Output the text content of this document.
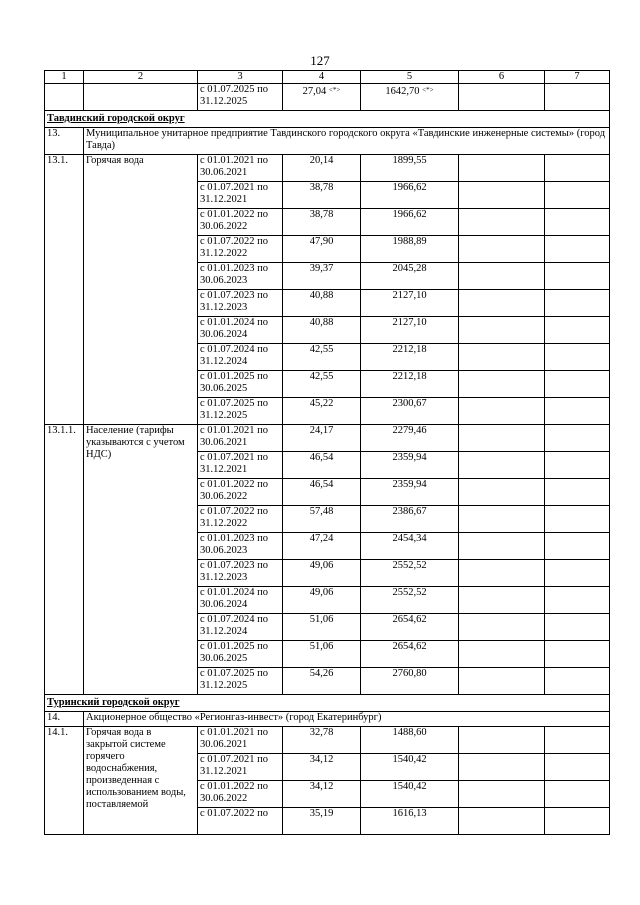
127
1	2	3	4	5	6	7
		с 01.07.2025 по 31.12.2025	27,04 <*>	1642,70 <*>		
Тавдинский городской округ						
13.	Муниципальное унитарное предприятие Тавдинского городского округа «Тавдинские инженерные системы» (город Тавда)					
13.1.	Горячая вода	с 01.01.2021 по 30.06.2021	20,14	1899,55		
		с 01.07.2021 по 31.12.2021	38,78	1966,62		
		с 01.01.2022 по 30.06.2022	38,78	1966,62		
		с 01.07.2022 по 31.12.2022	47,90	1988,89		
		с 01.01.2023 по 30.06.2023	39,37	2045,28		
		с 01.07.2023 по 31.12.2023	40,88	2127,10		
		с 01.01.2024 по 30.06.2024	40,88	2127,10		
		с 01.07.2024 по 31.12.2024	42,55	2212,18		
		с 01.01.2025 по 30.06.2025	42,55	2212,18		
		с 01.07.2025 по 31.12.2025	45,22	2300,67		
13.1.1.	Население (тарифы указываются с учетом НДС)	с 01.01.2021 по 30.06.2021	24,17	2279,46		
		с 01.07.2021 по 31.12.2021	46,54	2359,94		
		с 01.01.2022 по 30.06.2022	46,54	2359,94		
		с 01.07.2022 по 31.12.2022	57,48	2386,67		
		с 01.01.2023 по 30.06.2023	47,24	2454,34		
		с 01.07.2023 по 31.12.2023	49,06	2552,52		
		с 01.01.2024 по 30.06.2024	49,06	2552,52		
		с 01.07.2024 по 31.12.2024	51,06	2654,62		
		с 01.01.2025 по 30.06.2025	51,06	2654,62		
		с 01.07.2025 по 31.12.2025	54,26	2760,80		
Туринский городской округ						
14.	Акционерное общество «Регионгаз-инвест» (город Екатеринбург)					
14.1.	Горячая вода в закрытой системе горячего водоснабжения, произведенная с использованием воды, поставляемой	с 01.01.2021 по 30.06.2021	32,78	1488,60		
		с 01.07.2021 по 31.12.2021	34,12	1540,42		
		с 01.01.2022 по 30.06.2022	34,12	1540,42		
		с 01.07.2022 по	35,19	1616,13		
